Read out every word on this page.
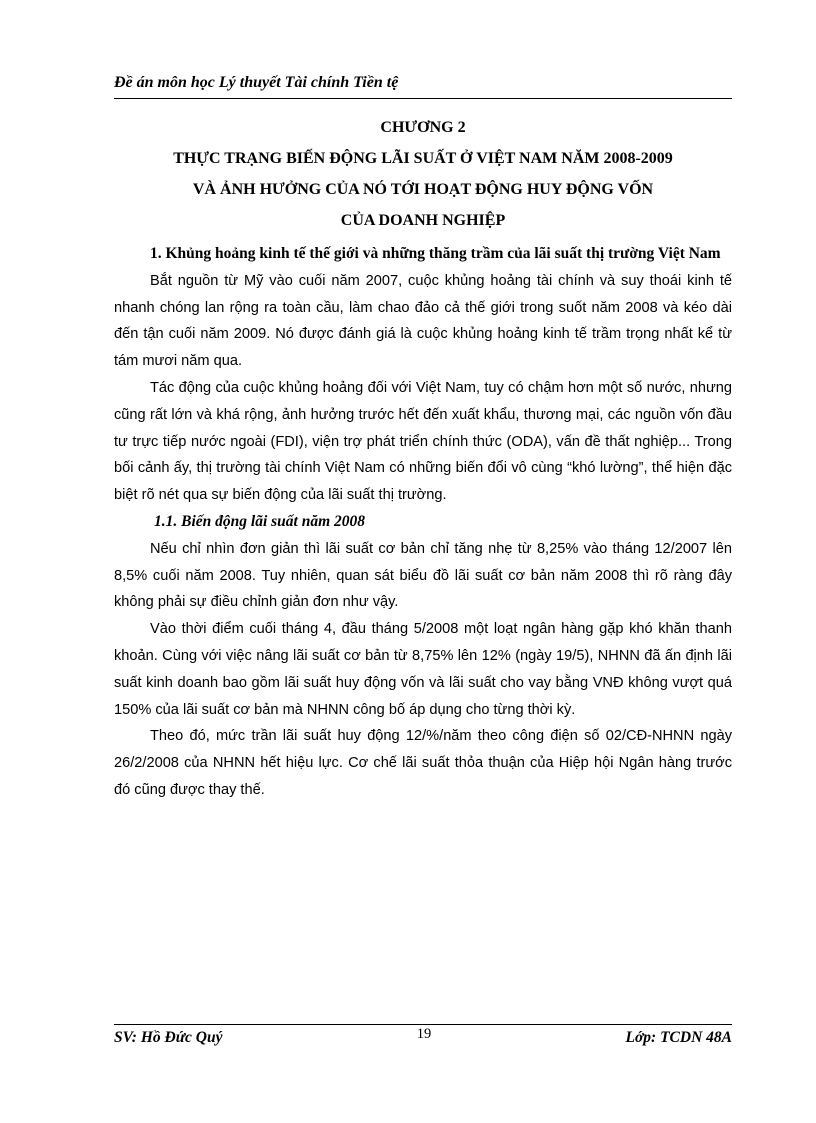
Đề án môn học Lý thuyết Tài chính Tiền tệ
CHƯƠNG 2
THỰC TRẠNG BIẾN ĐỘNG LÃI SUẤT Ở VIỆT NAM NĂM 2008-2009
VÀ ẢNH HƯỞNG CỦA NÓ TỚI HOẠT ĐỘNG HUY ĐỘNG VỐN
CỦA DOANH NGHIỆP

1. Khủng hoảng kinh tế thế giới và những thăng trầm của lãi suất thị trường Việt Nam

Bắt nguồn từ Mỹ vào cuối năm 2007, cuộc khủng hoảng tài chính và suy thoái kinh tế nhanh chóng lan rộng ra toàn cầu, làm chao đảo cả thế giới trong suốt năm 2008 và kéo dài đến tận cuối năm 2009. Nó được đánh giá là cuộc khủng hoảng kinh tế trầm trọng nhất kể từ tám mươi năm qua.

Tác động của cuộc khủng hoảng đối với Việt Nam, tuy có chậm hơn một số nước, nhưng cũng rất lớn và khá rộng, ảnh hưởng trước hết đến xuất khẩu, thương mại, các nguồn vốn đầu tư trực tiếp nước ngoài (FDI), viện trợ phát triển chính thức (ODA), vấn đề thất nghiệp... Trong bối cảnh ấy, thị trường tài chính Việt Nam có những biến đổi vô cùng “khó lường”, thể hiện đặc biệt rõ nét qua sự biến động của lãi suất thị trường.

1.1. Biến động lãi suất năm 2008

Nếu chỉ nhìn đơn giản thì lãi suất cơ bản chỉ tăng nhẹ từ 8,25% vào tháng 12/2007 lên 8,5% cuối năm 2008. Tuy nhiên, quan sát biểu đồ lãi suất cơ bản năm 2008 thì rõ ràng đây không phải sự điều chỉnh giản đơn như vậy.

Vào thời điểm cuối tháng 4, đầu tháng 5/2008 một loạt ngân hàng gặp khó khăn thanh khoản. Cùng với việc nâng lãi suất cơ bản từ 8,75% lên 12% (ngày 19/5), NHNN đã ấn định lãi suất kinh doanh bao gồm lãi suất huy động vốn và lãi suất cho vay bằng VNĐ không vượt quá 150% của lãi suất cơ bản mà NHNN công bố áp dụng cho từng thời kỳ.

Theo đó, mức trần lãi suất huy động 12/%/năm theo công điện số 02/CĐ-NHNN ngày 26/2/2008 của NHNN hết hiệu lực. Cơ chế lãi suất thỏa thuận của Hiệp hội Ngân hàng trước đó cũng được thay thế.

SV: Hồ Đức Quý	19	Lớp: TCDN 48A
